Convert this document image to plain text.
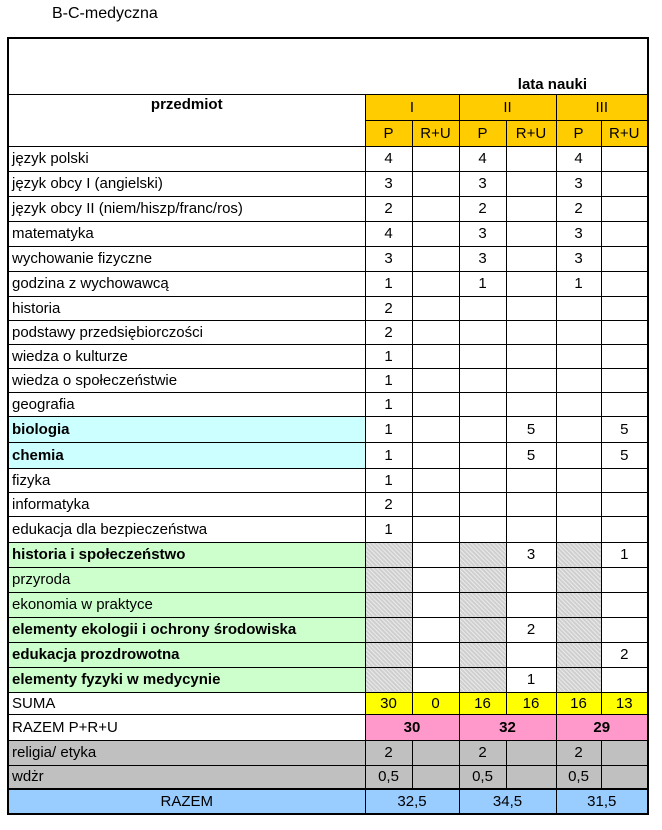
B-C-medyczna
lata nauki						
przedmiot	I		II		III	
	P	R+U	P	R+U	P	R+U
język polski	4		4		4	
język obcy I (angielski)	3		3		3	
język obcy II (niem/hiszp/franc/ros)	2		2		2	
matematyka	4		3		3	
wychowanie fizyczne	3		3		3	
godzina z wychowawcą	1		1		1	
historia	2					
podstawy przedsiębiorczości	2					
wiedza o kulturze	1					
wiedza o społeczeństwie	1					
geografia	1					
biologia	1			5		5
chemia	1			5		5
fizyka	1					
informatyka	2					
edukacja dla bezpieczeństwa	1					
historia i społeczeństwo				3		1
przyroda						
ekonomia w praktyce						
elementy ekologii i ochrony środowiska				2		
edukacja prozdrowotna						2
elementy fyzyki w medycynie				1		
SUMA	30	0	16	16	16	13
RAZEM P+R+U	30		32		29	
religia/ etyka	2		2		2	
wdżr	0,5		0,5		0,5	
RAZEM	32,5		34,5		31,5	
